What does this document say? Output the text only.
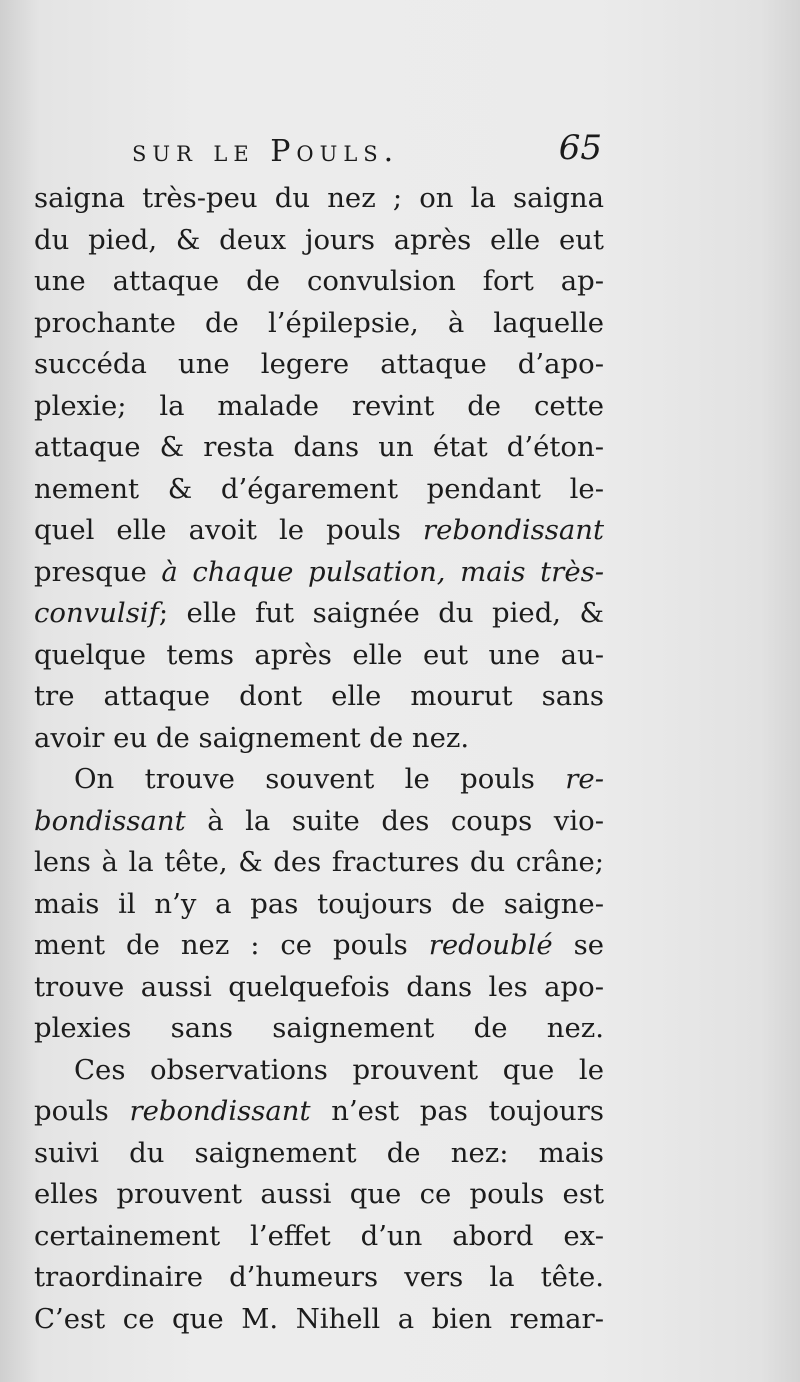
sur le Pouls.	65
saigna très-peu du nez ; on la saigna
du pied, & deux jours après elle eut
une attaque de convulsion fort ap-
prochante de l’épilepsie, à laquelle
succéda une legere attaque d’apo-
plexie; la malade revint de cette
attaque & resta dans un état d’éton-
nement & d’égarement pendant le-
quel elle avoit le pouls rebondissant
presque à chaque pulsation, mais très-
convulsif; elle fut saignée du pied, &
quelque tems après elle eut une au-
tre attaque dont elle mourut sans
avoir eu de saignement de nez.
On trouve souvent le pouls re-
bondissant à la suite des coups vio-
lens à la tête, & des fractures du crâne;
mais il n’y a pas toujours de saigne-
ment de nez : ce pouls redoublé se
trouve aussi quelquefois dans les apo-
plexies sans saignement de nez.
Ces observations prouvent que le
pouls rebondissant n’est pas toujours
suivi du saignement de nez: mais
elles prouvent aussi que ce pouls est
certainement l’effet d’un abord ex-
traordinaire d’humeurs vers la tête.
C’est ce que M. Nihell a bien remar-
